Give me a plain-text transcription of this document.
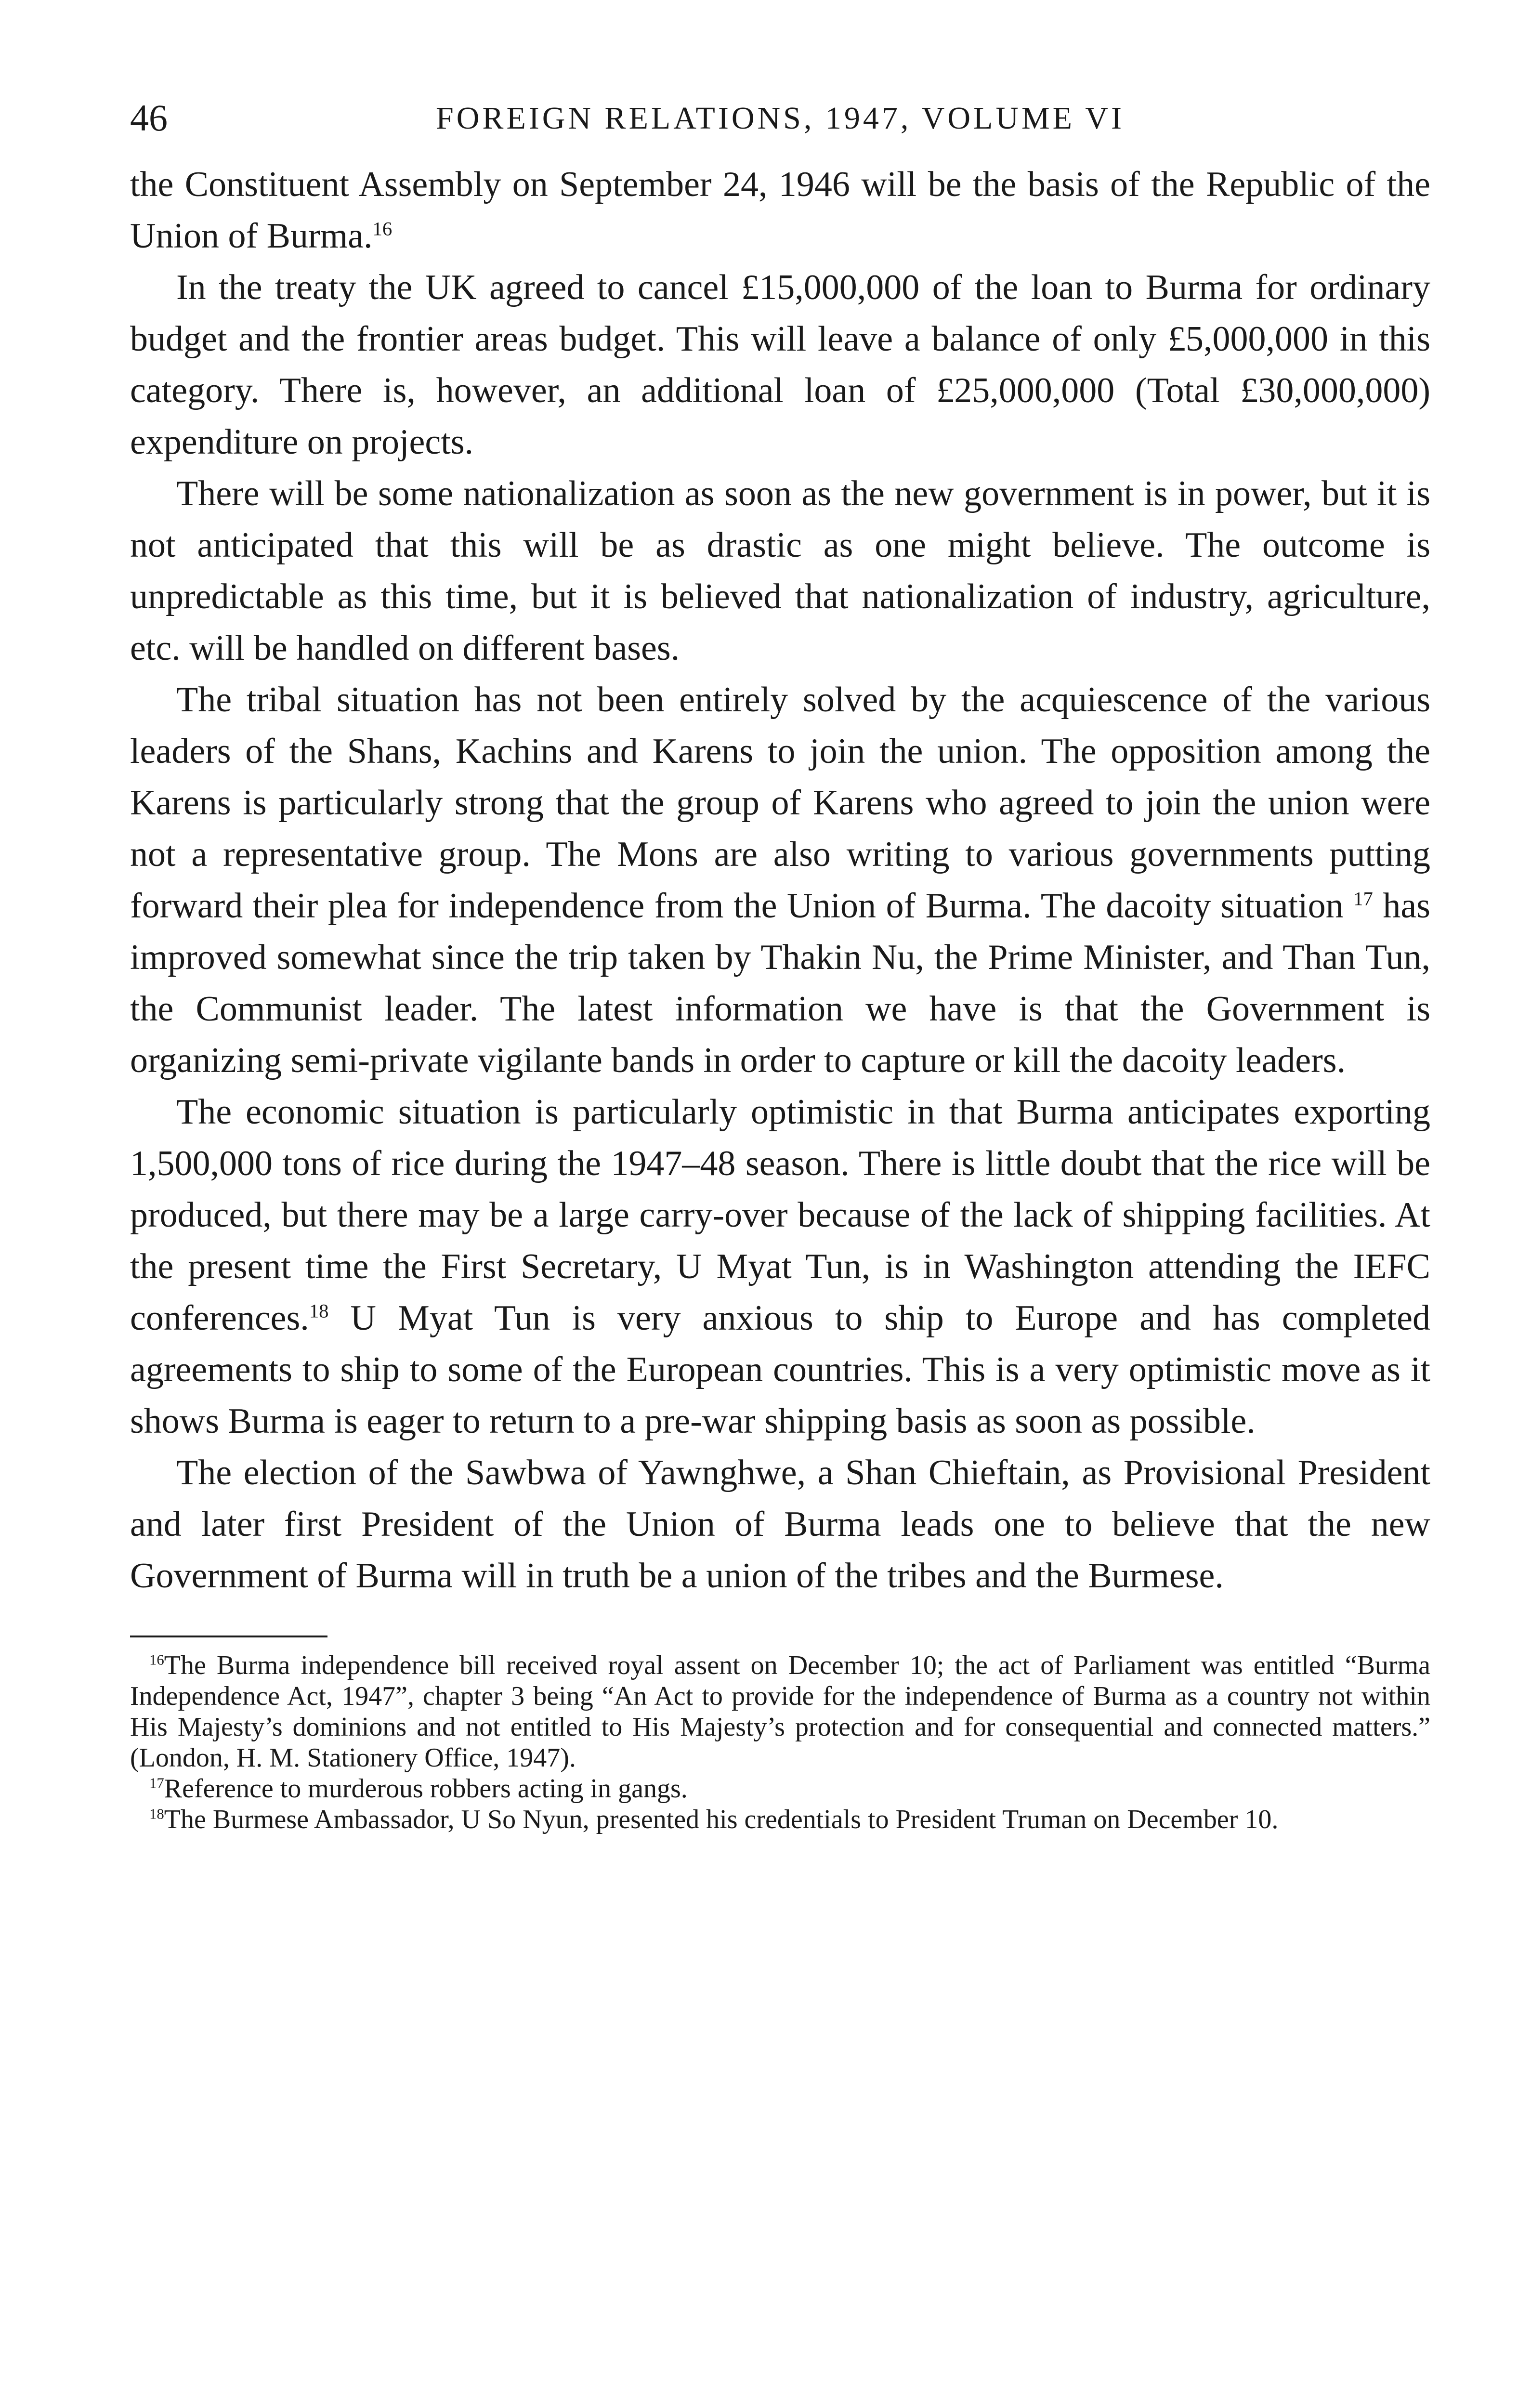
46	FOREIGN RELATIONS, 1947, VOLUME VI

the Constituent Assembly on September 24, 1946 will be the basis of the Republic of the Union of Burma.$^{16}$

In the treaty the UK agreed to cancel £15,000,000 of the loan to Burma for ordinary budget and the frontier areas budget. This will leave a balance of only £5,000,000 in this category. There is, however, an additional loan of £25,000,000 (Total £30,000,000) expenditure on projects.

There will be some nationalization as soon as the new government is in power, but it is not anticipated that this will be as drastic as one might believe. The outcome is unpredictable as this time, but it is believed that nationalization of industry, agriculture, etc. will be handled on different bases.

The tribal situation has not been entirely solved by the acquiescence of the various leaders of the Shans, Kachins and Karens to join the union. The opposition among the Karens is particularly strong that the group of Karens who agreed to join the union were not a representative group. The Mons are also writing to various governments putting forward their plea for independence from the Union of Burma. The dacoity situation $^{17}$ has improved somewhat since the trip taken by Thakin Nu, the Prime Minister, and Than Tun, the Communist leader. The latest information we have is that the Government is organizing semi-private vigilante bands in order to capture or kill the dacoity leaders.

The economic situation is particularly optimistic in that Burma anticipates exporting 1,500,000 tons of rice during the 1947–48 season. There is little doubt that the rice will be produced, but there may be a large carry-over because of the lack of shipping facilities. At the present time the First Secretary, U Myat Tun, is in Washington attending the IEFC conferences.$^{18}$ U Myat Tun is very anxious to ship to Europe and has completed agreements to ship to some of the European countries. This is a very optimistic move as it shows Burma is eager to return to a pre-war shipping basis as soon as possible.

The election of the Sawbwa of Yawnghwe, a Shan Chieftain, as Provisional President and later first President of the Union of Burma leads one to believe that the new Government of Burma will in truth be a union of the tribes and the Burmese.

$^{16}$The Burma independence bill received royal assent on December 10; the act of Parliament was entitled “Burma Independence Act, 1947”, chapter 3 being “An Act to provide for the independence of Burma as a country not within His Majesty’s dominions and not entitled to His Majesty’s protection and for consequential and connected matters.” (London, H. M. Stationery Office, 1947).

$^{17}$Reference to murderous robbers acting in gangs.

$^{18}$The Burmese Ambassador, U So Nyun, presented his credentials to President Truman on December 10.
